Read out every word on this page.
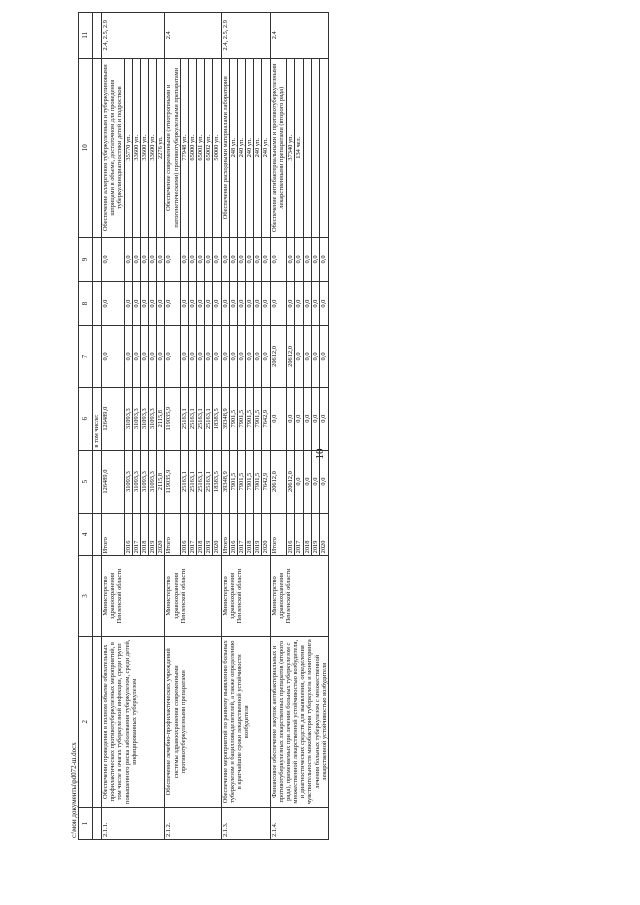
10
1	2	3	4	5	6	7	8	9	10	11
					в том числе:					
2.1.1.	Обеспечение проведения в полном объеме обязательных профилактических противотуберкулезных мероприятий, в том числе в очагах туберкулезной инфекции, среди групп повышенного риска заболевания туберкулезом, среди детей, инфицированных туберкулезом	Министерство здравоохранения Пензенской области	Итого	126489,0	126489,0	0,0	0,0	0,0	Обеспечение аллергеном туберкулезным и туберкулиновыми шприцами в объеме, достаточном для проведения туберкулинодиагностики детей и подростков	2.4, 2.5, 2.9
			2016	31093,3	31093,3	0,0	0,0	0,0	35770 уп.	
			2017	31093,3	31093,3	0,0	0,0	0,0	33600 уп.	
			2018	31093,3	31093,3	0,0	0,0	0,0	33600 уп.	
			2019	31093,3	31093,3	0,0	0,0	0,0	33600 уп.	
			2020	2115,8	2115,8	0,0	0,0	0,0	2276 уп.	
2.1.2.	Обеспечение лечебно-профилактических учреждений системы здравоохранения современными противотуберкулезными препаратами	Министерство здравоохранения Пензенской области	Итого	119035,9	119035,9	0,0	0,0	0,0	Обеспечение современными (этиотропными и патогенетическими) противотуберкулезными препаратами	2.4
			2016	25163,1	25163,1	0,0	0,0	0,0	77948 уп.	
			2017	25163,1	25163,1	0,0	0,0	0,0	65000 уп.	
			2018	25163,1	25163,1	0,0	0,0	0,0	65001 уп.	
			2019	25163,1	25163,1	0,0	0,0	0,0	65002 уп.	
			2020	18383,5	18383,5	0,0	0,0	0,0	50000 уп.	
2.1.3.	Обеспечение мероприятий по раннему выявлению больных туберкулезом и бацилловыделителей, а также определению в кратчайшие сроки лекарственной устойчивости возбудителя	Министерство здравоохранения Пензенской области	Итого	39348,9	39348,9	0,0	0,0	0,0	Обеспечение расходными материалами лаборатории	2.4, 2.5, 2.9
			2016	7901,5	7901,5	0,0	0,0	0,0	248 уп.	
			2017	7901,5	7901,5	0,0	0,0	0,0	240 уп.	
			2018	7901,5	7901,5	0,0	0,0	0,0	240 уп.	
			2019	7901,5	7901,5	0,0	0,0	0,0	240 уп.	
			2020	7642,9	7642,9	0,0	0,0	0,0	240 уп.	
2.1.4.	Финансовое обеспечение закупок антибактериальных и противотуберкулезных лекарственных препаратов (второго ряда), применяемых при лечении больных туберкулезом с множественной лекарственной устойчивостью возбудителя, и диагностических средств для выявления, определения чувствительности микобактерии туберкулеза и мониторинга лечения больных туберкулезом с множественной лекарственной устойчивостью возбудителя	Министерство здравоохранения Пензенской области	Итого	20612,0	0,0	20612,0	0,0	0,0	Обеспечение антибактериальными и противотуберкулезными лекарственными препаратами (второго ряда)	2.4
			2016	20612,0	0,0	20612,0	0,0	0,0	37340 уп.	
			2017	0,0	0,0	0,0	0,0	0,0	134 чел.	
			2018	0,0	0,0	0,0	0,0	0,0		
			2019	0,0	0,0	0,0	0,0	0,0		
			2020	0,0	0,0	0,0	0,0	0,0		
c:\мои документы\pd072-ш.docx
